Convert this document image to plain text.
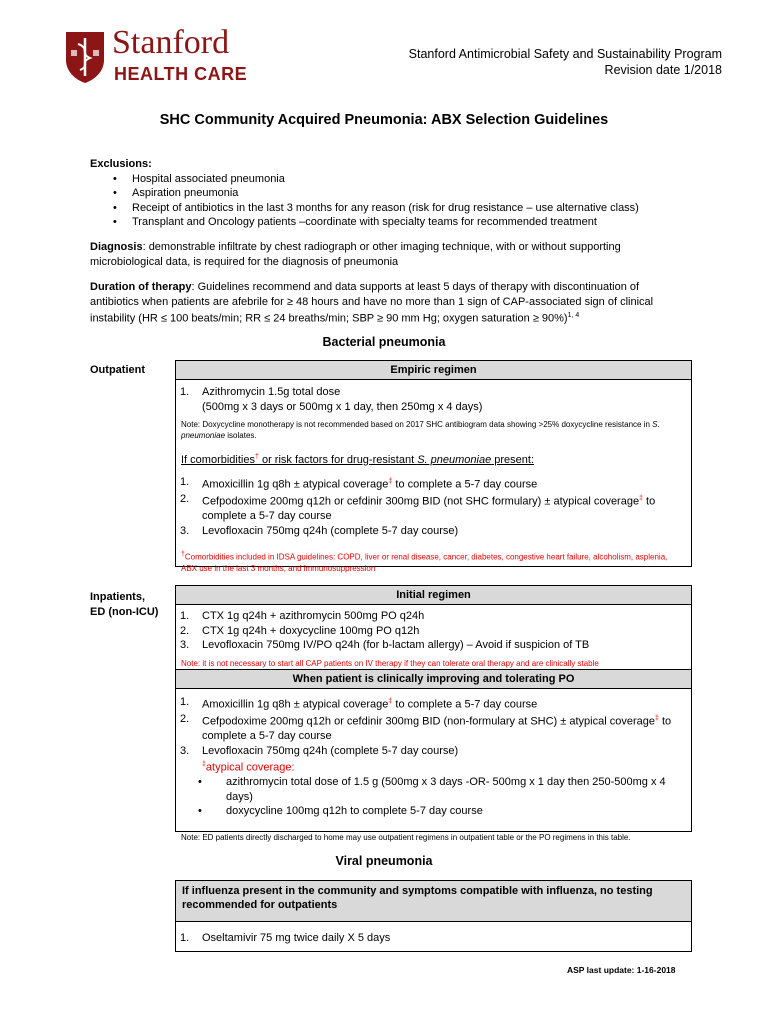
Stanford
HEALTH CARE
Stanford Antimicrobial Safety and Sustainability Program
Revision date 1/2018
SHC Community Acquired Pneumonia: ABX Selection Guidelines
Exclusions:
• Hospital associated pneumonia
• Aspiration pneumonia
• Receipt of antibiotics in the last 3 months for any reason (risk for drug resistance – use alternative class)
• Transplant and Oncology patients –coordinate with specialty teams for recommended treatment
Diagnosis: demonstrable infiltrate by chest radiograph or other imaging technique, with or without supporting microbiological data, is required for the diagnosis of pneumonia
Duration of therapy: Guidelines recommend and data supports at least 5 days of therapy with discontinuation of antibiotics when patients are afebrile for ≥ 48 hours and have no more than 1 sign of CAP-associated sign of clinical instability (HR ≤ 100 beats/min; RR ≤ 24 breaths/min; SBP ≥ 90 mm Hg; oxygen saturation ≥ 90%)$^{1, 4}$
Bacterial pneumonia
Outpatient	Empiric regimen
1. Azithromycin 1.5g total dose
(500mg x 3 days or 500mg x 1 day, then 250mg x 4 days)
Note: Doxycycline monotherapy is not recommended based on 2017 SHC antibiogram data showing >25% doxycycline resistance in S. pneumoniae isolates.
If comorbidities† or risk factors for drug-resistant S. pneumoniae present:
1. Amoxicillin 1g q8h ± atypical coverage‡ to complete a 5-7 day course
2. Cefpodoxime 200mg q12h or cefdinir 300mg BID (not SHC formulary) ± atypical coverage‡ to complete a 5-7 day course
3. Levofloxacin 750mg q24h (complete 5-7 day course)
†Comorbidities included in IDSA guidelines: COPD, liver or renal disease, cancer, diabetes, congestive heart failure, alcoholism, asplenia, ABX use in the last 3 months, and immunosuppression
Inpatients,
ED (non-ICU)
Initial regimen
1. CTX 1g q24h + azithromycin 500mg PO q24h
2. CTX 1g q24h + doxycycline 100mg PO q12h
3. Levofloxacin 750mg IV/PO q24h (for b-lactam allergy) – Avoid if suspicion of TB
Note: it is not necessary to start all CAP patients on IV therapy if they can tolerate oral therapy and are clinically stable
When patient is clinically improving and tolerating PO
1. Amoxicillin 1g q8h ± atypical coverage‡ to complete a 5-7 day course
2. Cefpodoxime 200mg q12h or cefdinir 300mg BID (non-formulary at SHC) ± atypical coverage‡ to complete a 5-7 day course
3. Levofloxacin 750mg q24h (complete 5-7 day course)
‡atypical coverage:
• azithromycin total dose of 1.5 g (500mg x 3 days -OR- 500mg x 1 day then 250-500mg x 4 days)
• doxycycline 100mg q12h to complete 5-7 day course
Note: ED patients directly discharged to home may use outpatient regimens in outpatient table or the PO regimens in this table.
Viral pneumonia
If influenza present in the community and symptoms compatible with influenza, no testing recommended for outpatients
1. Oseltamivir 75 mg twice daily X 5 days
ASP last update: 1-16-2018
